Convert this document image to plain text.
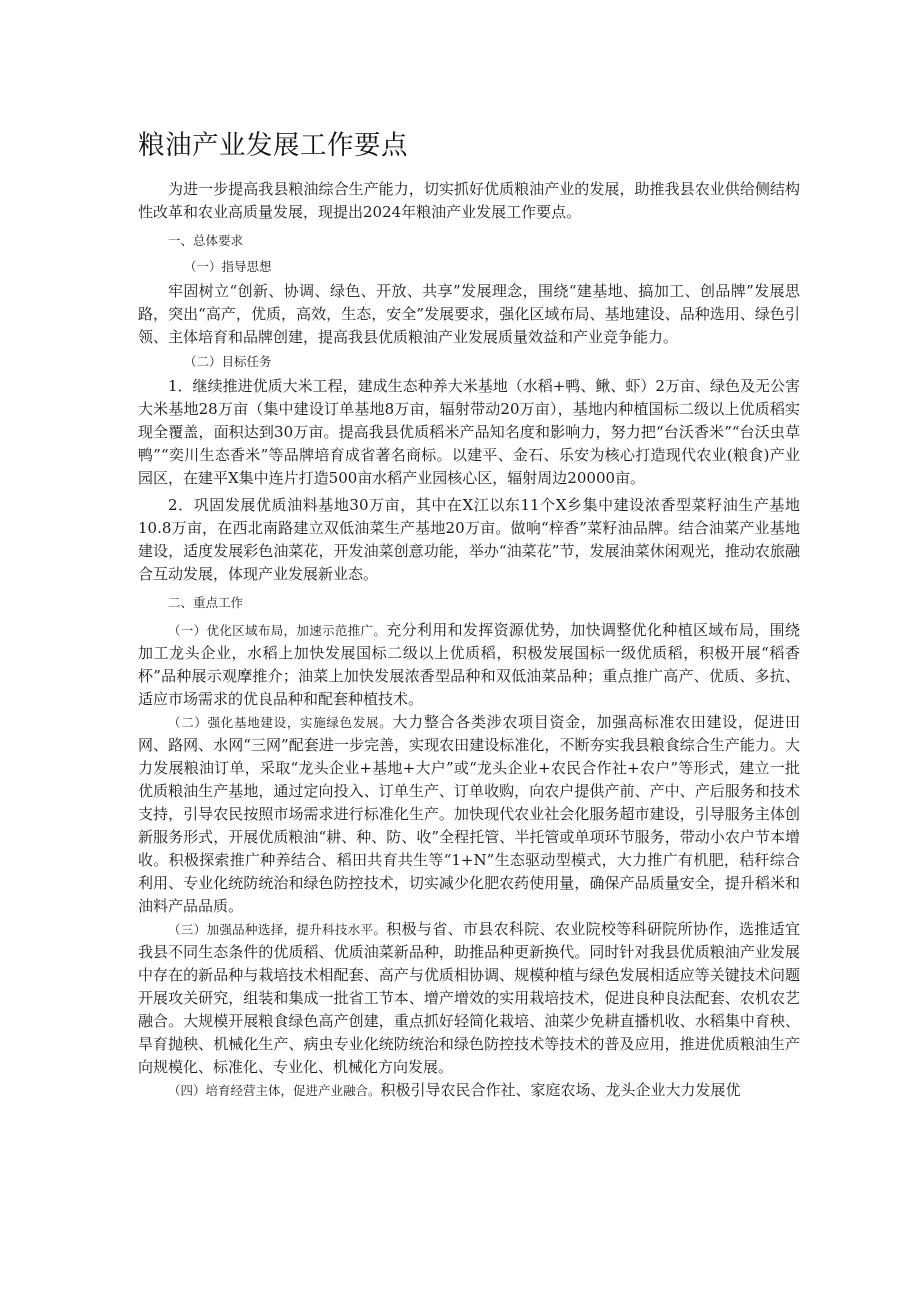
粮油产业发展工作要点

为进一步提高我县粮油综合生产能力，切实抓好优质粮油产业的发展，助推我县农业供给侧结构性改革和农业高质量发展，现提出2024年粮油产业发展工作要点。

一、总体要求
（一）指导思想

牢固树立“创新、协调、绿色、开放、共享”发展理念，围绕“建基地、搞加工、创品牌”发展思路，突出“高产，优质，高效，生态，安全”发展要求，强化区域布局、基地建设、品种选用、绿色引领、主体培育和品牌创建，提高我县优质粮油产业发展质量效益和产业竞争能力。

（二）目标任务

1．继续推进优质大米工程，建成生态种养大米基地（水稻+鸭、鳅、虾）2万亩、绿色及无公害大米基地28万亩（集中建设订单基地8万亩，辐射带动20万亩），基地内种植国标二级以上优质稻实现全覆盖，面积达到30万亩。提高我县优质稻米产品知名度和影响力，努力把“台沃香米”“台沃虫草鸭”“奕川生态香米”等品牌培育成省著名商标。以建平、金石、乐安为核心打造现代农业(粮食)产业园区，在建平X集中连片打造500亩水稻产业园核心区，辐射周边20000亩。

2．巩固发展优质油料基地30万亩，其中在X江以东11个X乡集中建设浓香型菜籽油生产基地10.8万亩，在西北南路建立双低油菜生产基地20万亩。做响“梓香”菜籽油品牌。结合油菜产业基地建设，适度发展彩色油菜花，开发油菜创意功能，举办“油菜花”节，发展油菜休闲观光，推动农旅融合互动发展，体现产业发展新业态。

二、重点工作

（一）优化区域布局，加速示范推广。充分利用和发挥资源优势，加快调整优化种植区域布局，围绕加工龙头企业，水稻上加快发展国标二级以上优质稻，积极发展国标一级优质稻，积极开展“稻香杯”品种展示观摩推介；油菜上加快发展浓香型品种和双低油菜品种；重点推广高产、优质、多抗、适应市场需求的优良品种和配套种植技术。

（二）强化基地建设，实施绿色发展。大力整合各类涉农项目资金，加强高标准农田建设，促进田网、路网、水网“三网”配套进一步完善，实现农田建设标准化，不断夯实我县粮食综合生产能力。大力发展粮油订单，采取“龙头企业+基地+大户”或“龙头企业+农民合作社+农户”等形式，建立一批优质粮油生产基地，通过定向投入、订单生产、订单收购，向农户提供产前、产中、产后服务和技术支持，引导农民按照市场需求进行标准化生产。加快现代农业社会化服务超市建设，引导服务主体创新服务形式，开展优质粮油“耕、种、防、收”全程托管、半托管或单项环节服务，带动小农户节本增收。积极探索推广种养结合、稻田共育共生等“1+N”生态驱动型模式，大力推广有机肥，秸秆综合利用、专业化统防统治和绿色防控技术，切实减少化肥农药使用量，确保产品质量安全，提升稻米和油料产品品质。

（三）加强品种选择，提升科技水平。积极与省、市县农科院、农业院校等科研院所协作，选推适宜我县不同生态条件的优质稻、优质油菜新品种，助推品种更新换代。同时针对我县优质粮油产业发展中存在的新品种与栽培技术相配套、高产与优质相协调、规模种植与绿色发展相适应等关键技术问题开展攻关研究，组装和集成一批省工节本、增产增效的实用栽培技术，促进良种良法配套、农机农艺融合。大规模开展粮食绿色高产创建，重点抓好轻简化栽培、油菜少免耕直播机收、水稻集中育秧、旱育抛秧、机械化生产、病虫专业化统防统治和绿色防控技术等技术的普及应用，推进优质粮油生产向规模化、标准化、专业化、机械化方向发展。

（四）培育经营主体，促进产业融合。积极引导农民合作社、家庭农场、龙头企业大力发展优
